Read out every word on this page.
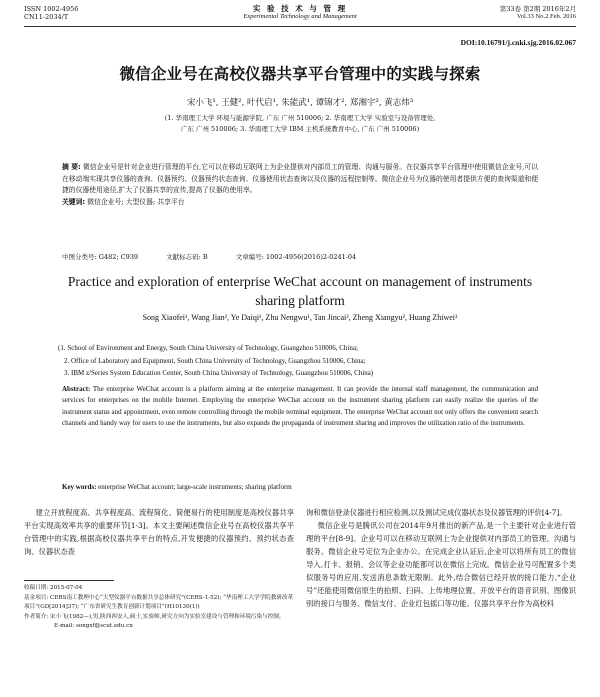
ISSN 1002-4956
CN11-2034/T
实 验 技 术 与 管 理
Experimental Technology and Management
第33卷 第2期 2016年2月
Vol.33 No.2 Feb. 2016
DOI:10.16791/j.cnki.sjg.2016.02.067
微信企业号在高校仪器共享平台管理中的实践与探索
宋小飞¹, 王健², 叶代启¹, 朱能武¹, 谭锦才², 郑湘宇², 黄志炜³
(1. 华南理工大学 环境与能源学院, 广东 广州 510006; 2. 华南理工大学 实验室与设备管理处,
广东 广州 510006; 3. 华南理工大学 IBM 主机系统教育中心, 广东 广州 510006)
摘 要: 微信企业号是针对企业进行管理的平台,它可以在移动互联网上为企业提供对内部员工的管理、沟通与服务。在仪器共享平台管理中使用微信企业号,可以在移动端实现共享仪器的查询、仪器预约、仪器预约状态查询、仪器使用状态查询以及仪器的远程控制等。微信企业号为仪器的使用者提供方便的查询渠道和便捷的仪器使用途径,扩大了仪器共享的宣传,提高了仪器的使用率。
关键词: 微信企业号; 大型仪器; 共享平台
中图分类号: G482; C939	文献标志码: B	文章编号: 1002-4956(2016)2-0241-04
Practice and exploration of enterprise WeChat account on management of instruments sharing platform
Song Xiaofei¹, Wang Jian², Ye Daiqi¹, Zhu Nengwu¹, Tan Jincai², Zheng Xiangyu², Huang Zhiwei³
(1. School of Environment and Energy, South China University of Technology, Guangzhou 510006, China;
2. Office of Laboratory and Equipment, South China University of Technology, Guangzhou 510006, China;
3. IBM z/Series System Education Center, South China University of Technology, Guangzhou 510006, China)
Abstract: The enterprise WeChat account is a platform aiming at the enterprise management. It can provide the internal staff management, the communication and services for enterprises on the mobile Internet. Employing the enterprise WeChat account on the instrument sharing platform can easily realize the queries of the instrument status and appointment, even remote controlling through the mobile terminal equipment. The enterprise WeChat account not only offers the convenient search channels and handy way for users to use the instruments, but also expands the propaganda of instrument sharing and improves the utilization ratio of the instruments.
Key words: enterprise WeChat account; large-scale instruments; sharing platform
建立开放程度高、共享程度高、流程简化、简便易行的使用制度是高校仪器共享平台实现高效率共享的重要环节[1-3]。本文主要阐述微信企业号在高校仪器共享平台管理中的实践,根据高校仪器共享平台的特点,开发便捷的仪器预约、预约状态查询、仪器状态查

询和微信登录仪器进行相应检测,以及测试完成仪器状态及仪器管理的评价[4-7]。

微信企业号是腾讯公司在2014年9月推出的新产品,是一个主要针对企业进行管理的平台[8-9]。企业号可以在移动互联网上为企业提供对内部员工的管理、沟通与服务。微信企业号定位为企业办公。在完成企业认证后,企业可以将所有员工的微信导入,打卡、报销、会议等企业功能都可以在微信上完成。微信企业号可配置多个类似服务号的应用,发送消息条数无限制。此外,结合微信已经开放的接口能力,“企业号”还能使用微信原生的拍照、扫码、上传地理位置、开放平台的语音识别、图像识别的接口与服务、微信支付、企业红包摇口等功能。仪器共享平台作为高校科

收稿日期: 2015-07-04
基金项目: CERS南工教理中心“大型仪器平台数据共享总体研究”(CERS-1-52); “华南理工大学学院教研改革项目”(GD[2014]37); “广东省研究生教育创新计划项目”(H10130(1))
作者简介: 宋小飞(1982—),男,陕西西安人,硕士,实验师,研究方向为实验室建设与管理和环境污染与控制。
E-mail: songxf@scut.edu.cn
